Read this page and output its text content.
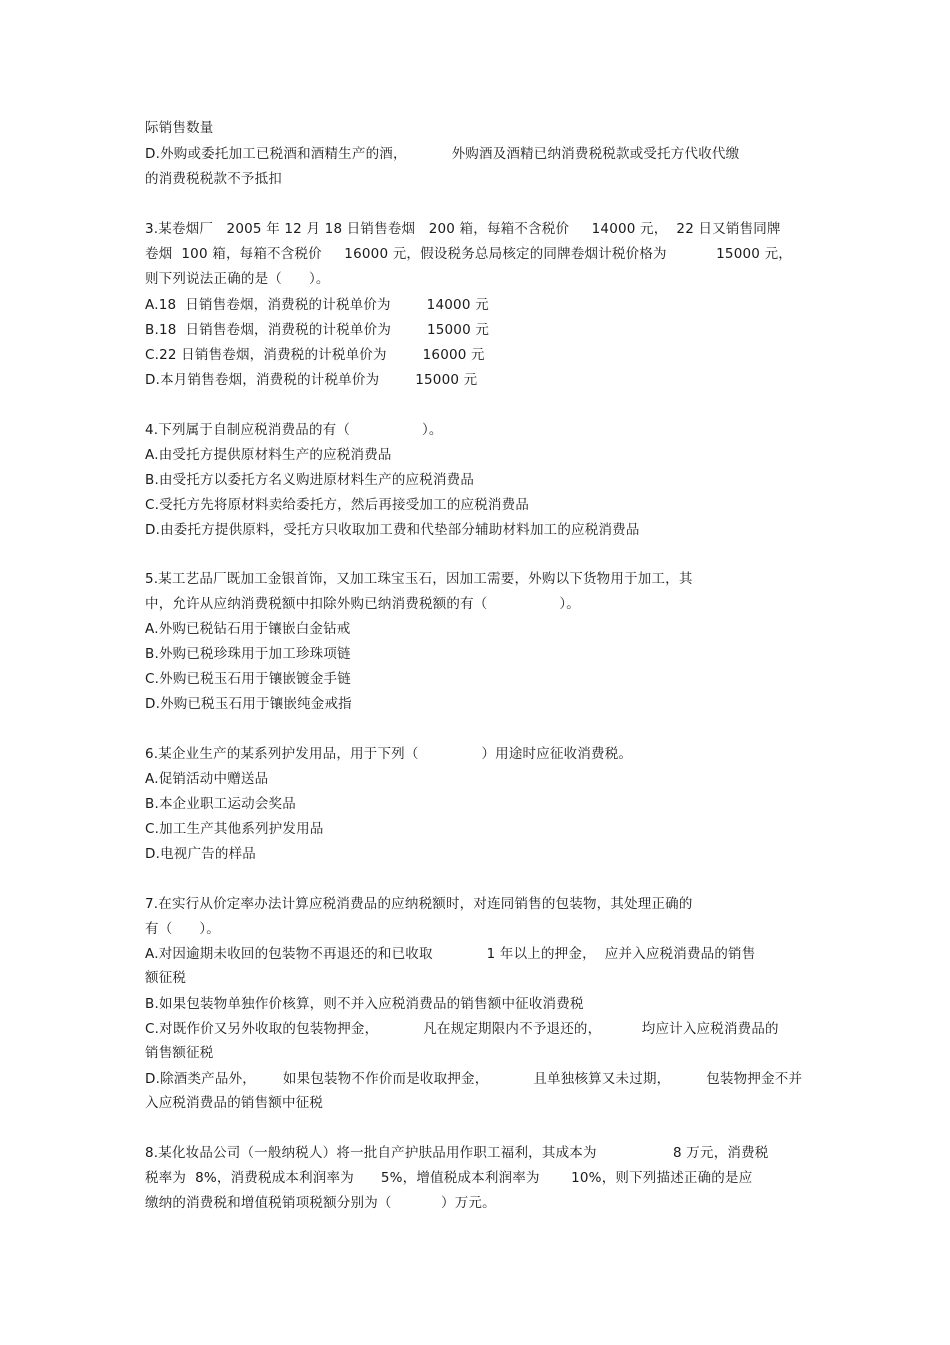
际销售数量
D.外购或委托加工已税酒和酒精生产的酒，          外购酒及酒精已纳消费税税款或受托方代收代缴
的消费税税款不予抵扣
3.某卷烟厂   2005 年 12 月 18 日销售卷烟   200 箱，每箱不含税价     14000 元，  22 日又销售同牌
卷烟  100 箱，每箱不含税价     16000 元，假设税务总局核定的同牌卷烟计税价格为           15000 元，
则下列说法正确的是（      ）。
A.18  日销售卷烟，消费税的计税单价为        14000 元
B.18  日销售卷烟，消费税的计税单价为        15000 元
C.22 日销售卷烟，消费税的计税单价为        16000 元
D.本月销售卷烟，消费税的计税单价为        15000 元
4.下列属于自制应税消费品的有（                ）。
A.由受托方提供原材料生产的应税消费品
B.由受托方以委托方名义购进原材料生产的应税消费品
C.受托方先将原材料卖给委托方，然后再接受加工的应税消费品
D.由委托方提供原料，受托方只收取加工费和代垫部分辅助材料加工的应税消费品
5.某工艺品厂既加工金银首饰，又加工珠宝玉石，因加工需要，外购以下货物用于加工，其
中，允许从应纳消费税额中扣除外购已纳消费税额的有（                ）。
A.外购已税钻石用于镶嵌白金钻戒
B.外购已税珍珠用于加工珍珠项链
C.外购已税玉石用于镶嵌镀金手链
D.外购已税玉石用于镶嵌纯金戒指
6.某企业生产的某系列护发用品，用于下列（              ）用途时应征收消费税。
A.促销活动中赠送品
B.本企业职工运动会奖品
C.加工生产其他系列护发用品
D.电视广告的样品
7.在实行从价定率办法计算应税消费品的应纳税额时，对连同销售的包装物，其处理正确的
有（      ）。
A.对因逾期未收回的包装物不再退还的和已收取            1 年以上的押金，  应并入应税消费品的销售
额征税
B.如果包装物单独作价核算，则不并入应税消费品的销售额中征收消费税
C.对既作价又另外收取的包装物押金，          凡在规定期限内不予退还的，         均应计入应税消费品的
销售额征税
D.除酒类产品外，      如果包装物不作价而是收取押金，          且单独核算又未过期，        包装物押金不并
入应税消费品的销售额中征税
8.某化妆品公司（一般纳税人）将一批自产护肤品用作职工福利，其成本为                 8 万元，消费税
税率为  8%，消费税成本利润率为      5%，增值税成本利润率为       10%，则下列描述正确的是应
缴纳的消费税和增值税销项税额分别为（           ）万元。
